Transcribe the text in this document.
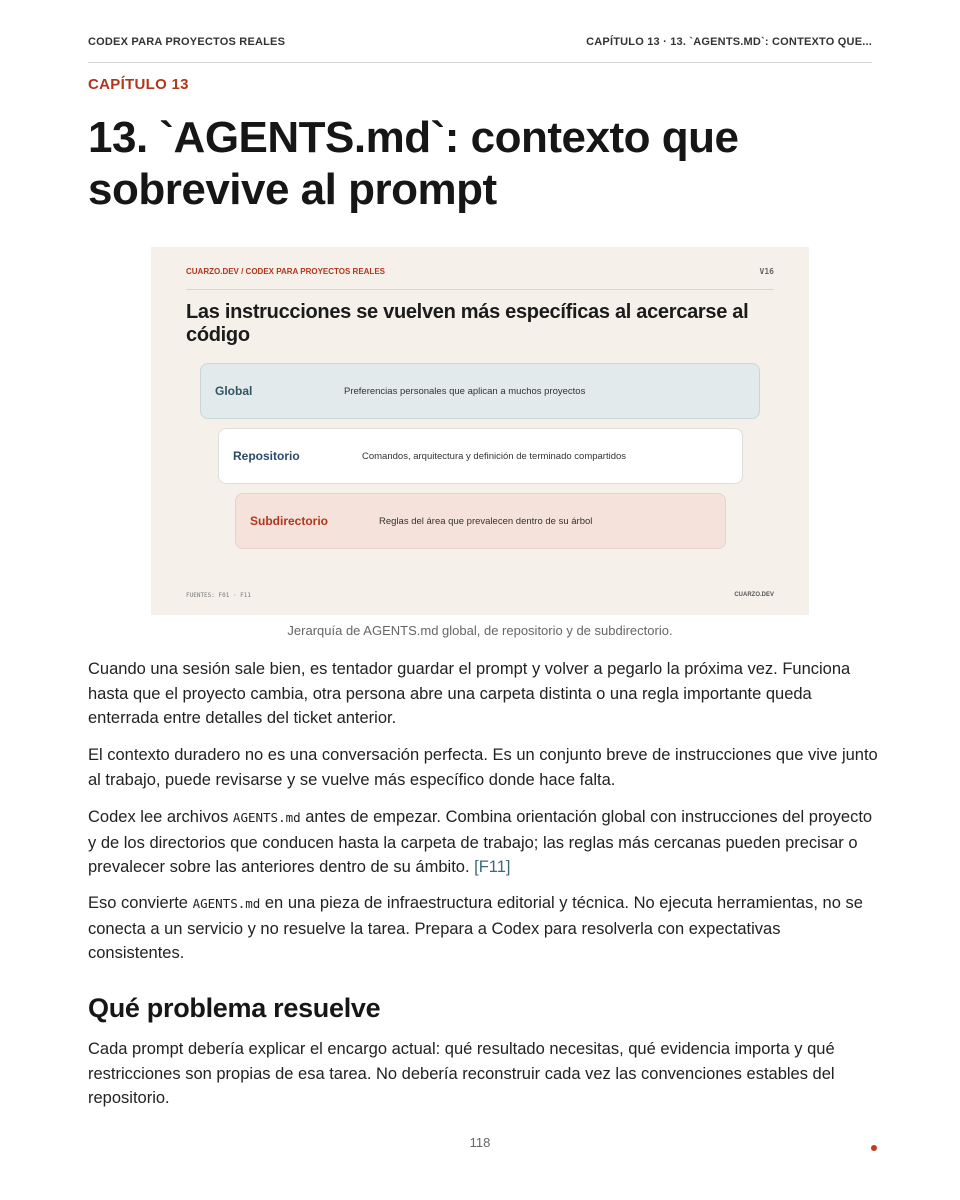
CODEX PARA PROYECTOS REALES	CAPÍTULO 13 · 13. `AGENTS.MD`: CONTEXTO QUE...
CAPÍTULO 13
13. `AGENTS.md`: contexto que sobrevive al prompt
CUARZO.DEV / CODEX PARA PROYECTOS REALES	V16
Las instrucciones se vuelven más específicas al acercarse al código
Global	Preferencias personales que aplican a muchos proyectos
Repositorio	Comandos, arquitectura y definición de terminado compartidos
Subdirectorio	Reglas del área que prevalecen dentro de su árbol
FUENTES: F01 · F11	CUARZO.DEV
Jerarquía de AGENTS.md global, de repositorio y de subdirectorio.

Cuando una sesión sale bien, es tentador guardar el prompt y volver a pegarlo la próxima vez. Funciona hasta que el proyecto cambia, otra persona abre una carpeta distinta o una regla importante queda enterrada entre detalles del ticket anterior.

El contexto duradero no es una conversación perfecta. Es un conjunto breve de instrucciones que vive junto al trabajo, puede revisarse y se vuelve más específico donde hace falta.

Codex lee archivos AGENTS.md antes de empezar. Combina orientación global con instrucciones del proyecto y de los directorios que conducen hasta la carpeta de trabajo; las reglas más cercanas pueden precisar o prevalecer sobre las anteriores dentro de su ámbito. [F11]

Eso convierte AGENTS.md en una pieza de infraestructura editorial y técnica. No ejecuta herramientas, no se conecta a un servicio y no resuelve la tarea. Prepara a Codex para resolverla con expectativas consistentes.

Qué problema resuelve

Cada prompt debería explicar el encargo actual: qué resultado necesitas, qué evidencia importa y qué restricciones son propias de esa tarea. No debería reconstruir cada vez las convenciones estables del repositorio.

118
